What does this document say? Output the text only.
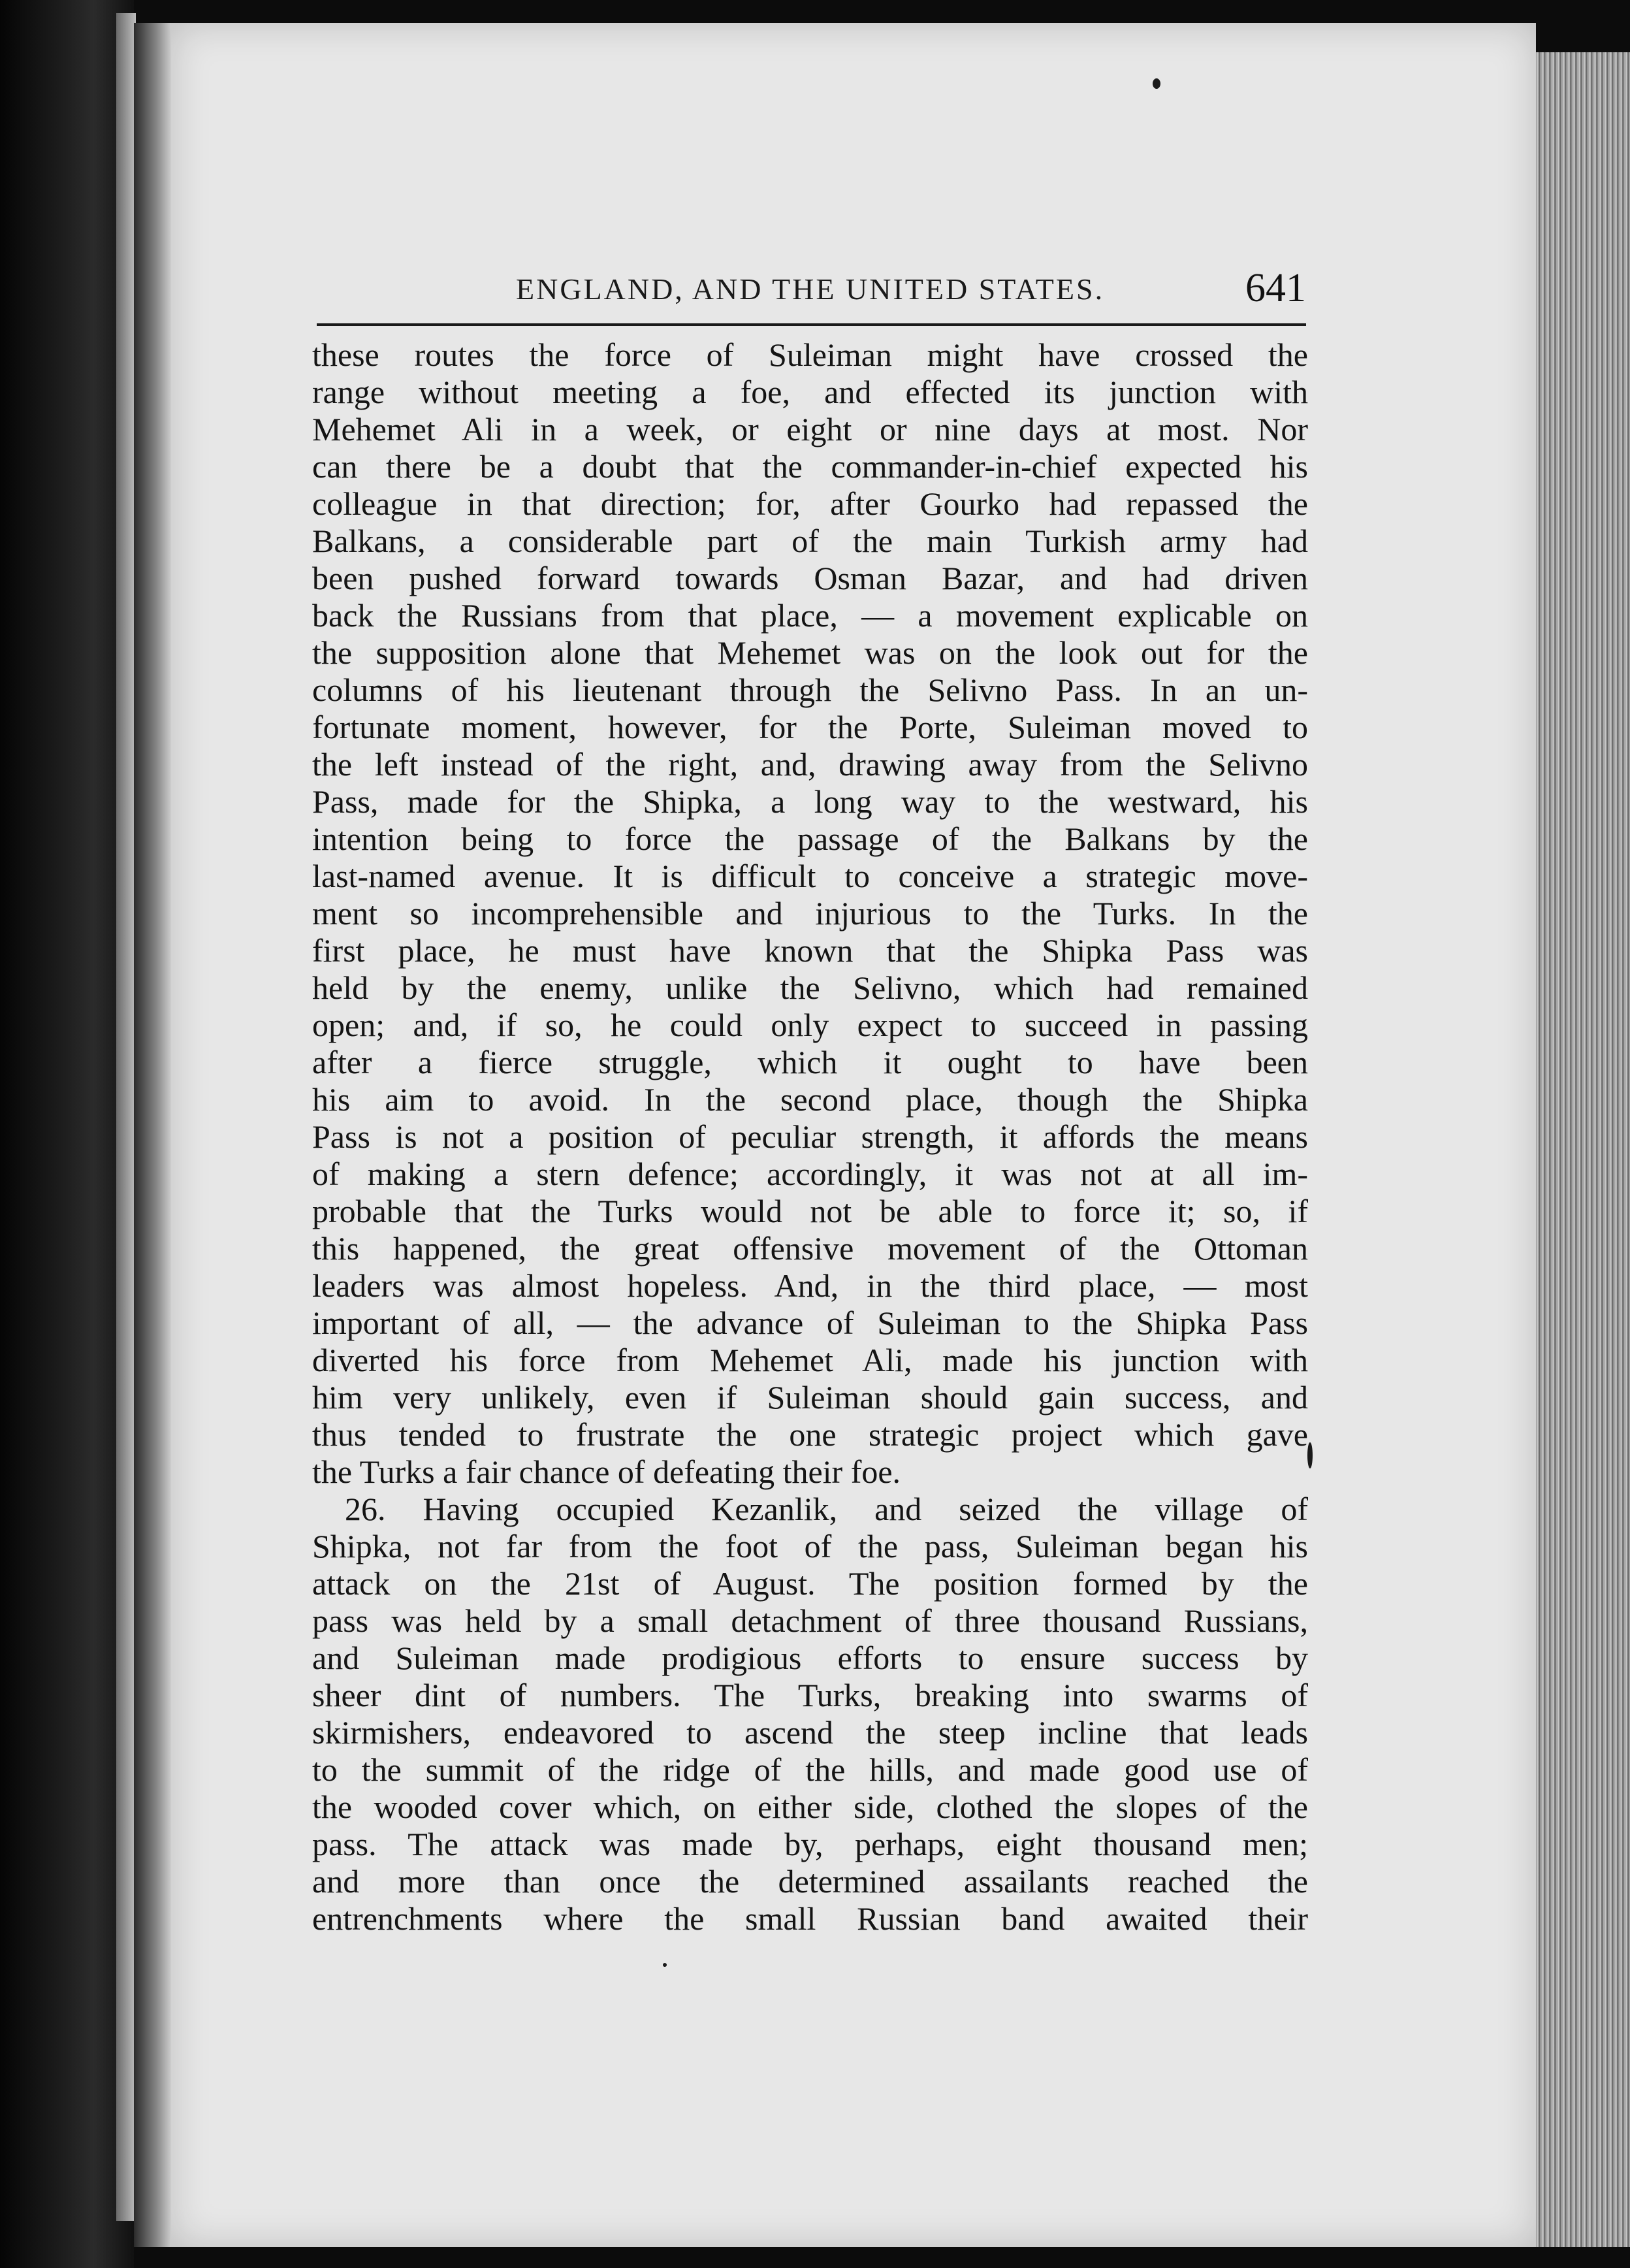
ENGLAND, AND THE UNITED STATES.	641
these routes the force of Suleiman might have crossed the
range without meeting a foe, and effected its junction with
Mehemet Ali in a week, or eight or nine days at most. Nor
can there be a doubt that the commander-in-chief expected his
colleague in that direction; for, after Gourko had repassed the
Balkans, a considerable part of the main Turkish army had
been pushed forward towards Osman Bazar, and had driven
back the Russians from that place, — a movement explicable on
the supposition alone that Mehemet was on the look out for the
columns of his lieutenant through the Selivno Pass. In an un-
fortunate moment, however, for the Porte, Suleiman moved to
the left instead of the right, and, drawing away from the Selivno
Pass, made for the Shipka, a long way to the westward, his
intention being to force the passage of the Balkans by the
last-named avenue. It is difficult to conceive a strategic move-
ment so incomprehensible and injurious to the Turks. In the
first place, he must have known that the Shipka Pass was
held by the enemy, unlike the Selivno, which had remained
open; and, if so, he could only expect to succeed in passing
after a fierce struggle, which it ought to have been
his aim to avoid. In the second place, though the Shipka
Pass is not a position of peculiar strength, it affords the means
of making a stern defence; accordingly, it was not at all im-
probable that the Turks would not be able to force it; so, if
this happened, the great offensive movement of the Ottoman
leaders was almost hopeless. And, in the third place, — most
important of all, — the advance of Suleiman to the Shipka Pass
diverted his force from Mehemet Ali, made his junction with
him very unlikely, even if Suleiman should gain success, and
thus tended to frustrate the one strategic project which gave
the Turks a fair chance of defeating their foe.
26. Having occupied Kezanlik, and seized the village of
Shipka, not far from the foot of the pass, Suleiman began his
attack on the 21st of August. The position formed by the
pass was held by a small detachment of three thousand Russians,
and Suleiman made prodigious efforts to ensure success by
sheer dint of numbers. The Turks, breaking into swarms of
skirmishers, endeavored to ascend the steep incline that leads
to the summit of the ridge of the hills, and made good use of
the wooded cover which, on either side, clothed the slopes of the
pass. The attack was made by, perhaps, eight thousand men;
and more than once the determined assailants reached the
entrenchments where the small Russian band awaited their
